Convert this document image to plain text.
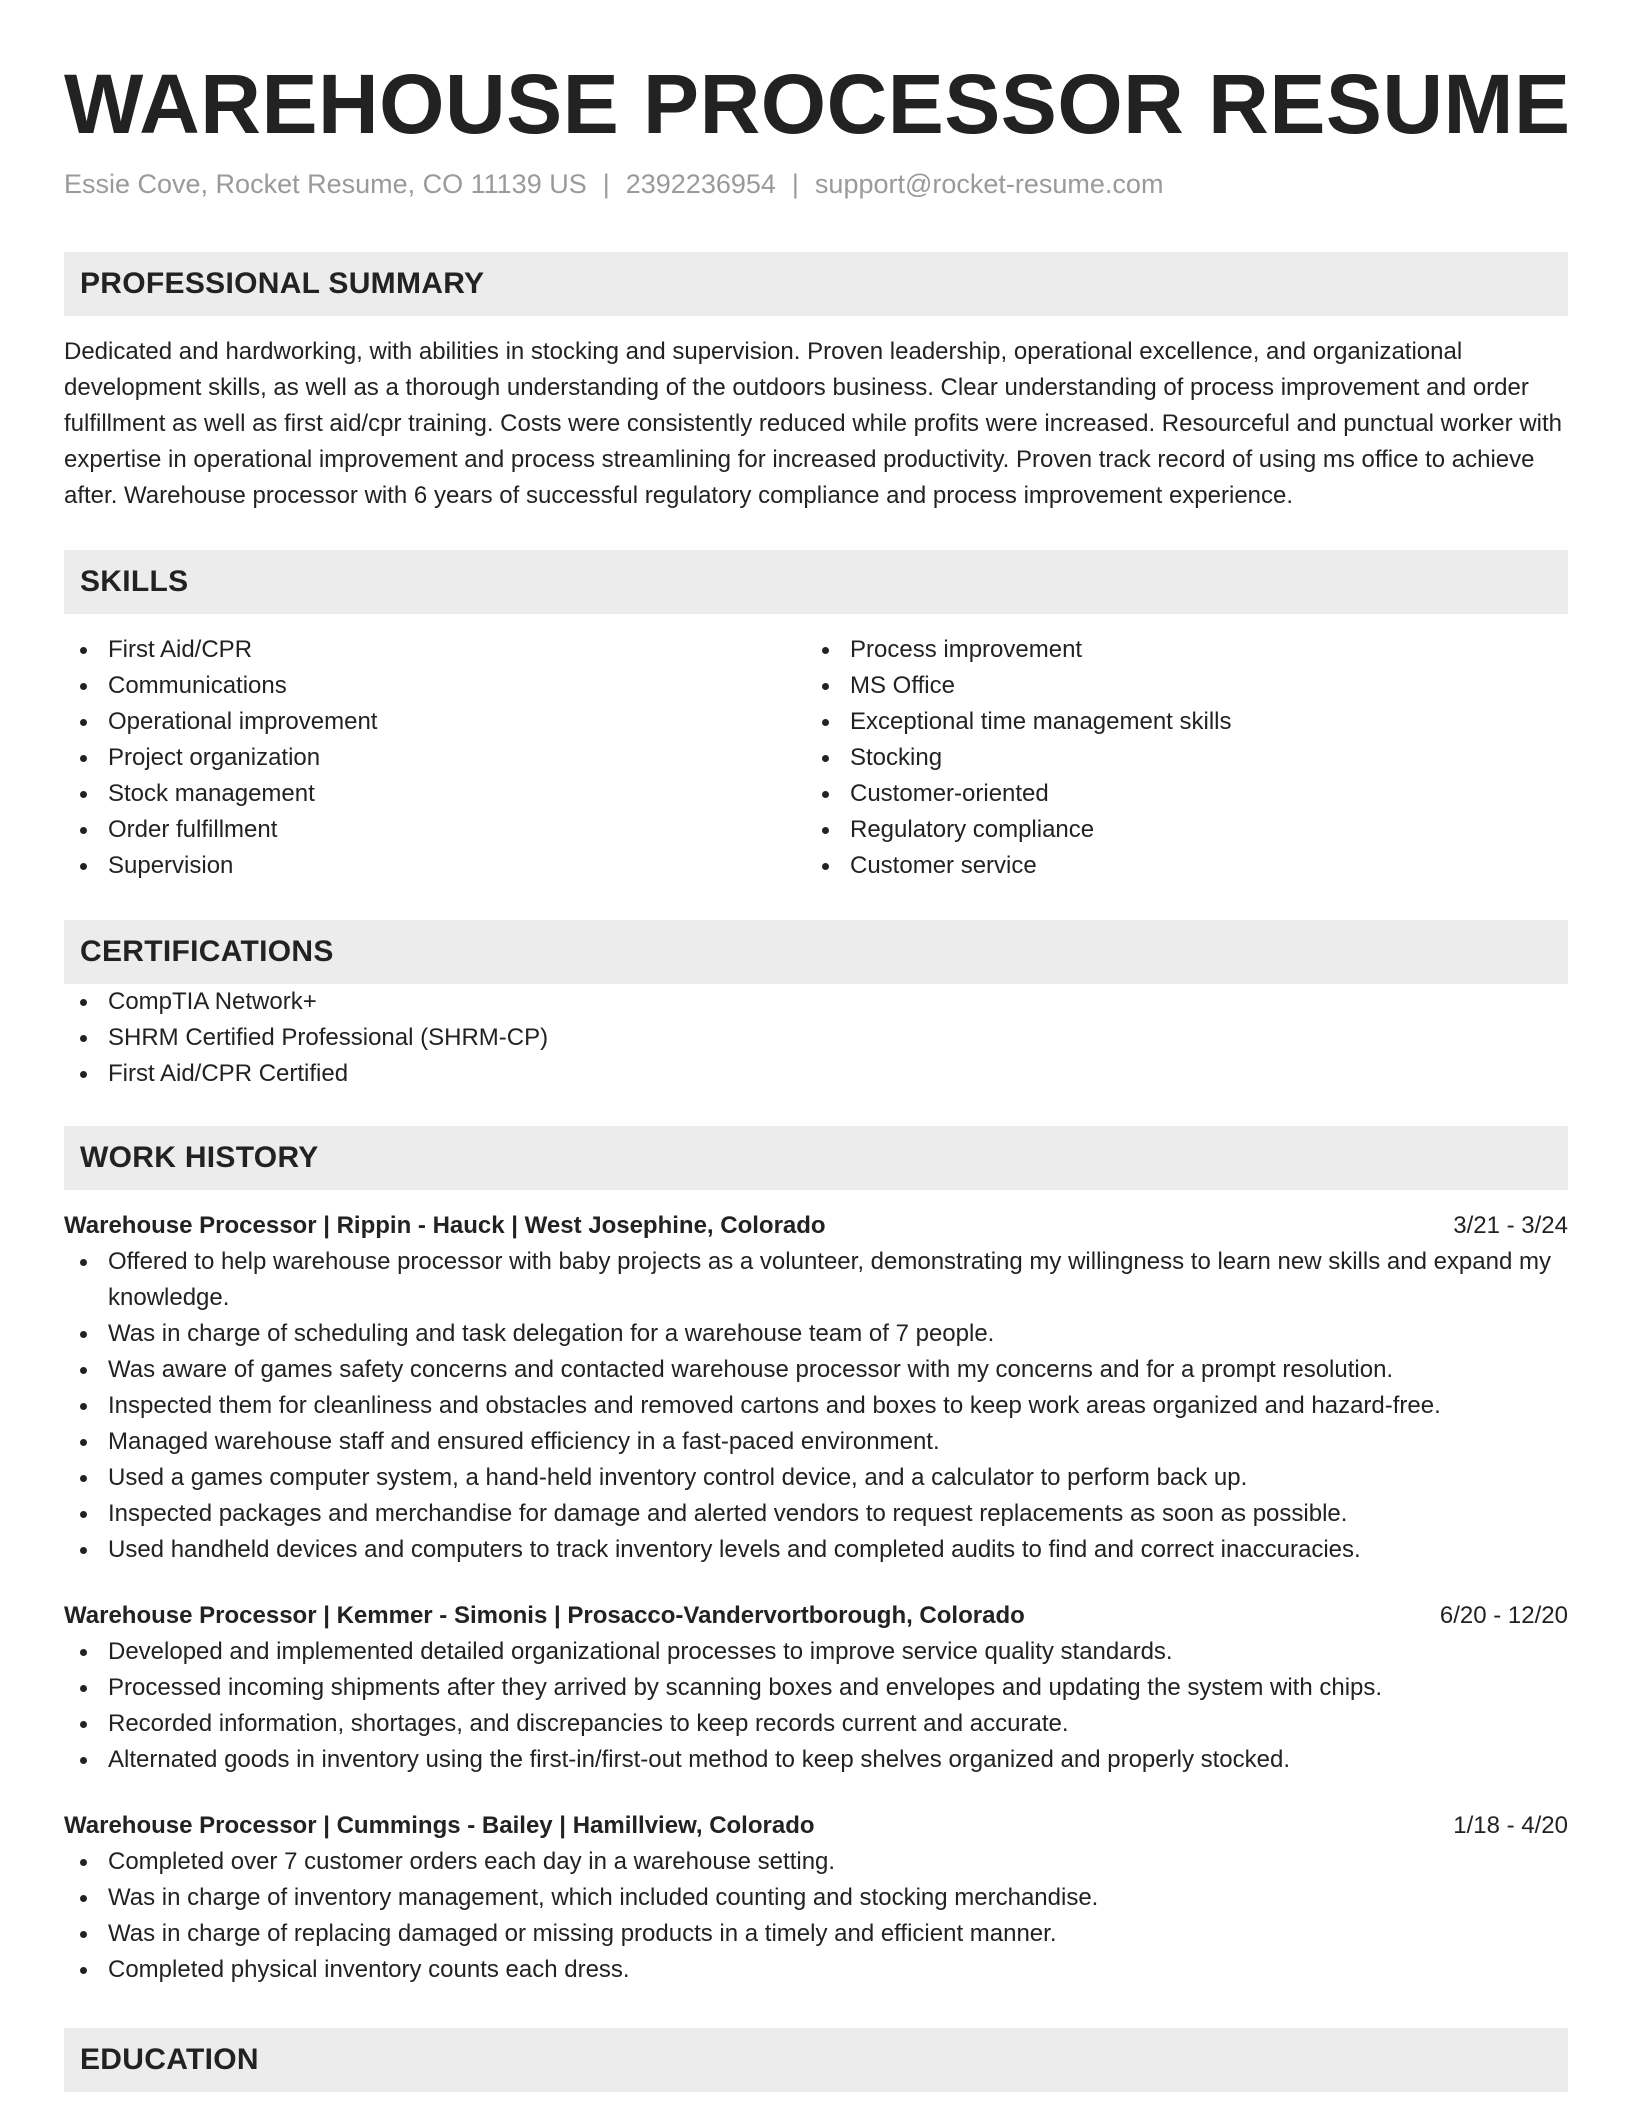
WAREHOUSE PROCESSOR RESUME
Essie Cove, Rocket Resume, CO 11139 US | 2392236954 | support@rocket-resume.com
PROFESSIONAL SUMMARY

Dedicated and hardworking, with abilities in stocking and supervision. Proven leadership, operational excellence, and organizational development skills, as well as a thorough understanding of the outdoors business. Clear understanding of process improvement and order fulfillment as well as first aid/cpr training. Costs were consistently reduced while profits were increased. Resourceful and punctual worker with expertise in operational improvement and process streamlining for increased productivity. Proven track record of using ms office to achieve after. Warehouse processor with 6 years of successful regulatory compliance and process improvement experience.

SKILLS
First Aid/CPR
Communications
Operational improvement
Project organization
Stock management
Order fulfillment
Supervision
Process improvement
MS Office
Exceptional time management skills
Stocking
Customer-oriented
Regulatory compliance
Customer service
CERTIFICATIONS
CompTIA Network+
SHRM Certified Professional (SHRM-CP)
First Aid/CPR Certified
WORK HISTORY
Warehouse Processor | Rippin - Hauck | West Josephine, Colorado	3/21 - 3/24
Offered to help warehouse processor with baby projects as a volunteer, demonstrating my willingness to learn new skills and expand my knowledge.
Was in charge of scheduling and task delegation for a warehouse team of 7 people.
Was aware of games safety concerns and contacted warehouse processor with my concerns and for a prompt resolution.
Inspected them for cleanliness and obstacles and removed cartons and boxes to keep work areas organized and hazard-free.
Managed warehouse staff and ensured efficiency in a fast-paced environment.
Used a games computer system, a hand-held inventory control device, and a calculator to perform back up.
Inspected packages and merchandise for damage and alerted vendors to request replacements as soon as possible.
Used handheld devices and computers to track inventory levels and completed audits to find and correct inaccuracies.
Warehouse Processor | Kemmer - Simonis | Prosacco-Vandervortborough, Colorado	6/20 - 12/20
Developed and implemented detailed organizational processes to improve service quality standards.
Processed incoming shipments after they arrived by scanning boxes and envelopes and updating the system with chips.
Recorded information, shortages, and discrepancies to keep records current and accurate.
Alternated goods in inventory using the first-in/first-out method to keep shelves organized and properly stocked.
Warehouse Processor | Cummings - Bailey | Hamillview, Colorado	1/18 - 4/20
Completed over 7 customer orders each day in a warehouse setting.
Was in charge of inventory management, which included counting and stocking merchandise.
Was in charge of replacing damaged or missing products in a timely and efficient manner.
Completed physical inventory counts each dress.
EDUCATION
